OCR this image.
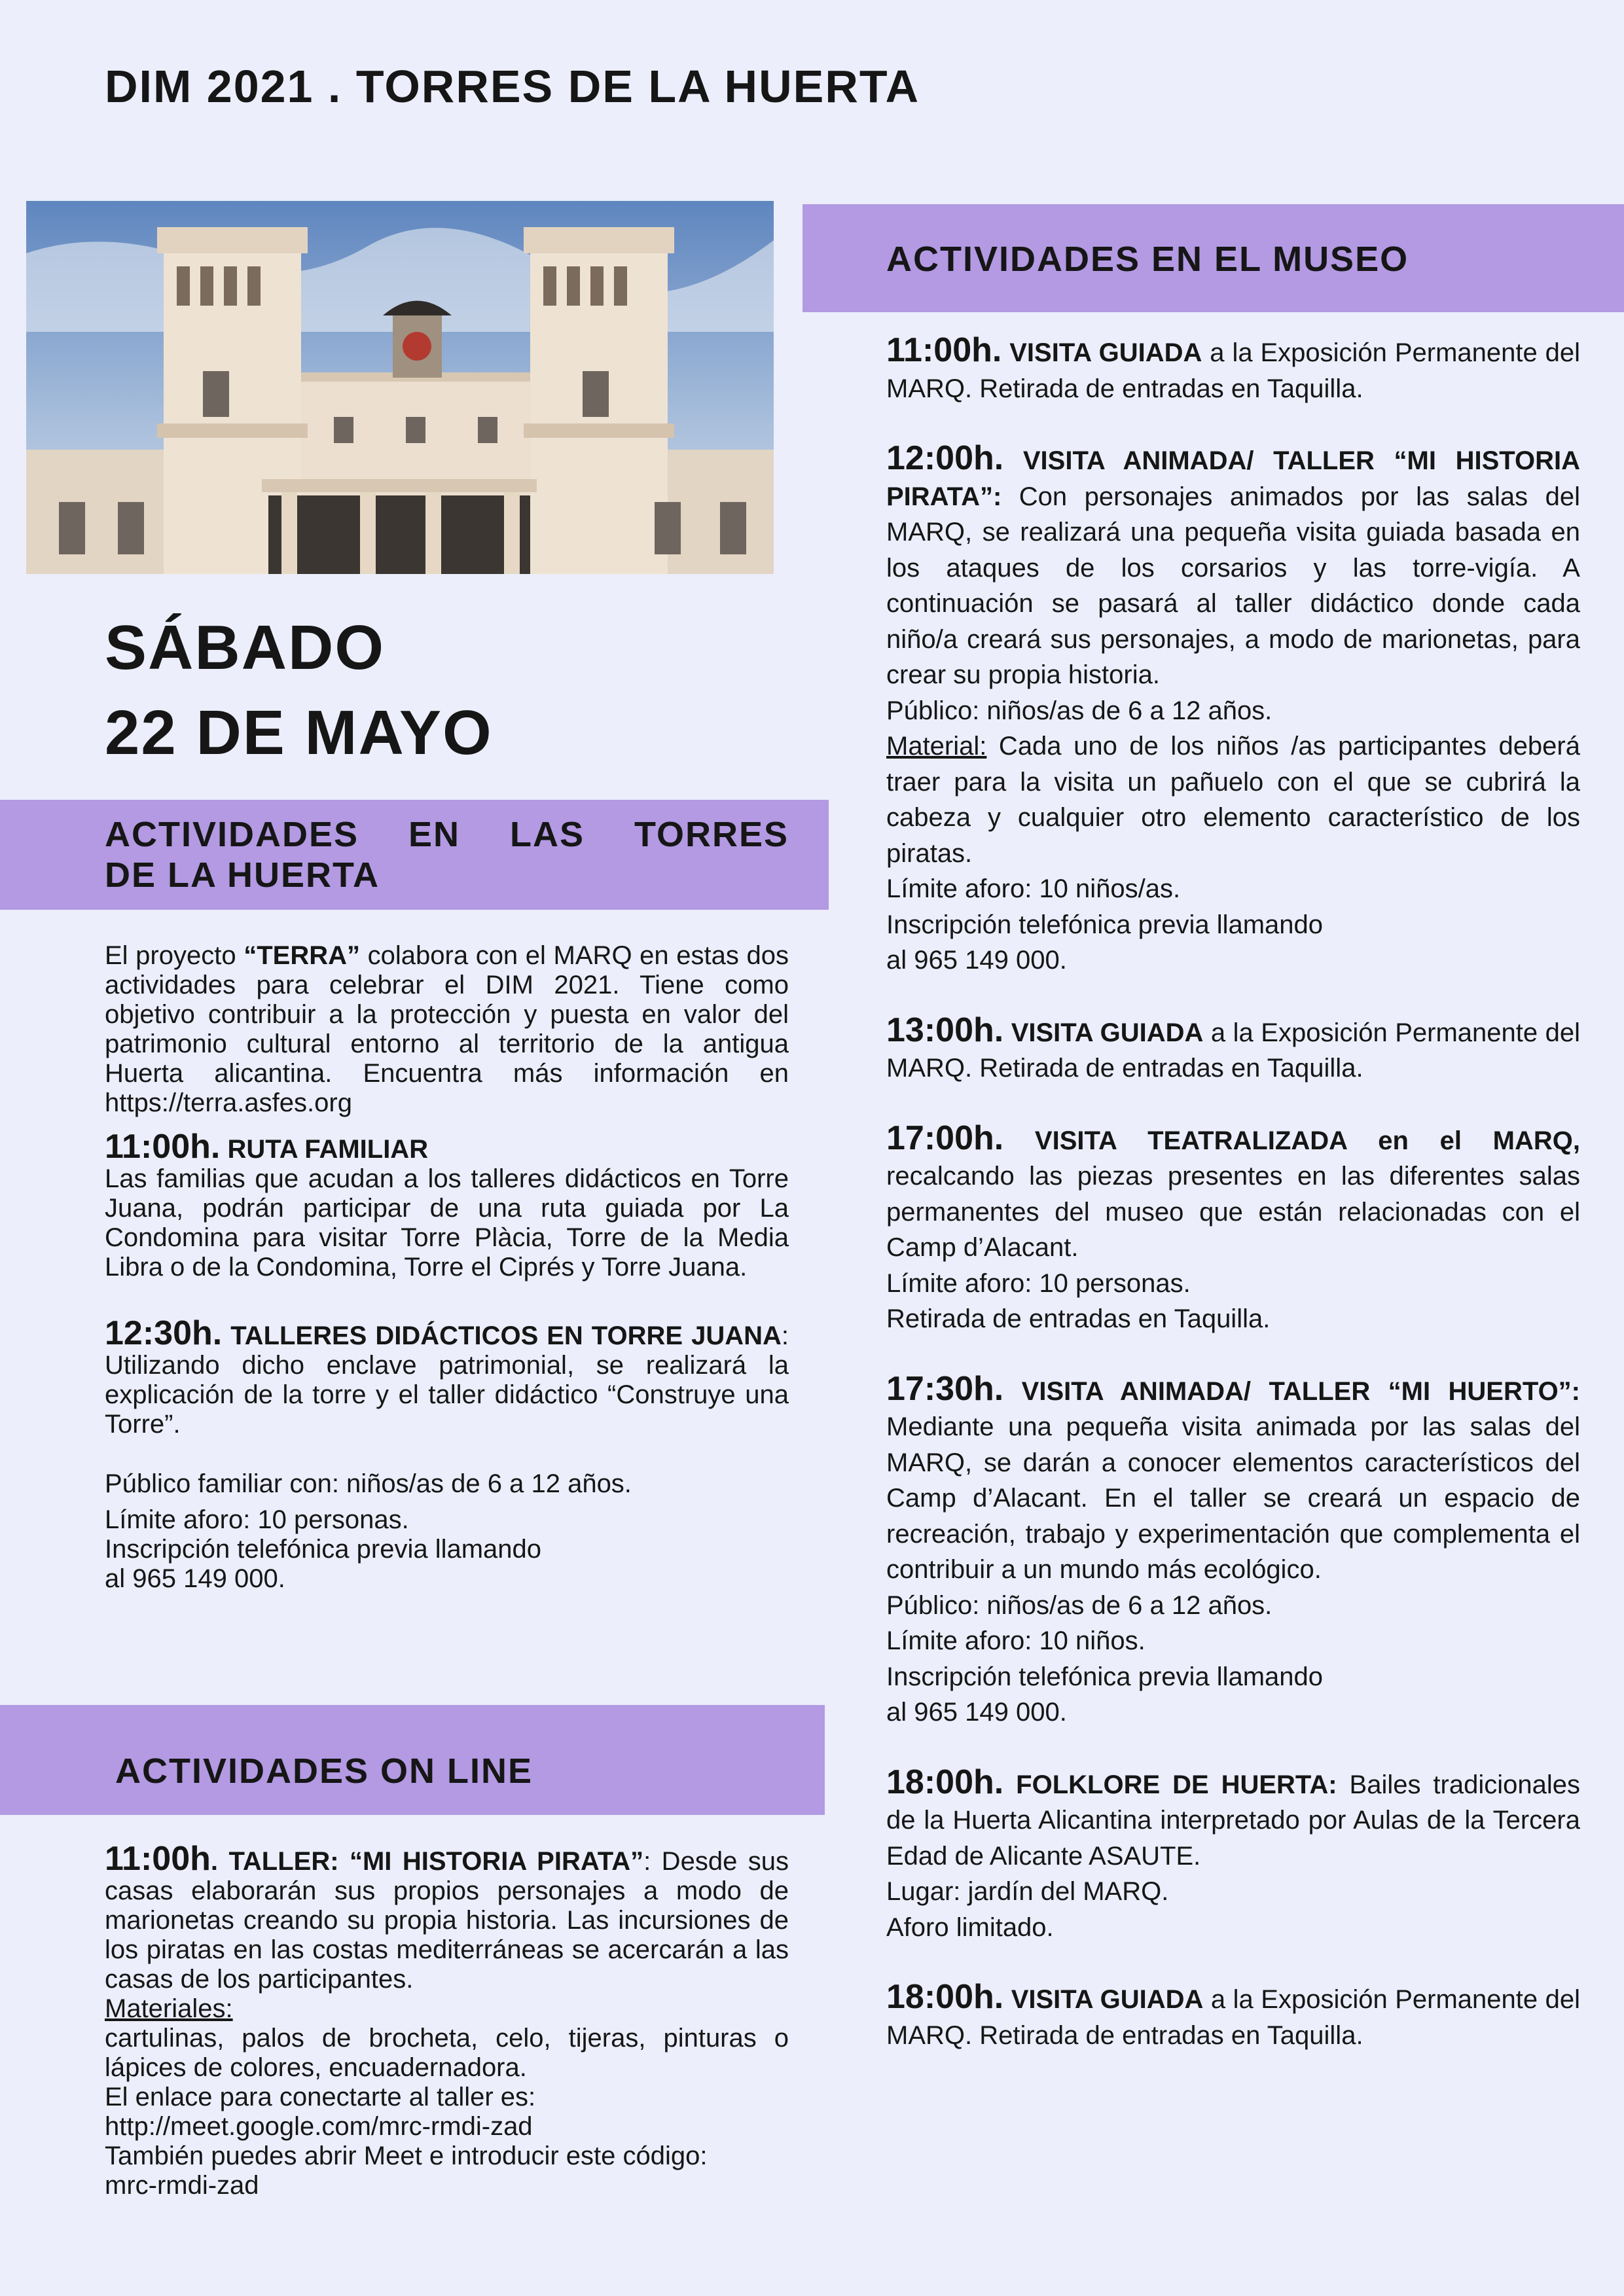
DIM 2021 . TORRES DE LA HUERTA
SÁBADO
22 DE MAYO
ACTIVIDADES EN LAS TORRES
DE LA HUERTA

El proyecto “TERRA” colabora con el MARQ en estas dos actividades para celebrar el DIM 2021. Tiene como objetivo contribuir a la protección y puesta en valor del patrimonio cultural entorno al territorio de la antigua Huerta alicantina. Encuentra más información en https://terra.asfes.org

11:00h. RUTA FAMILIAR
Las familias que acudan a los talleres didácticos en Torre Juana, podrán participar de una ruta guiada por La Condomina para visitar Torre Plàcia, Torre de la Media Libra o de la Condomina, Torre el Ciprés y Torre Juana.

12:30h. TALLERES DIDÁCTICOS EN TORRE JUANA: Utilizando dicho enclave patrimonial, se realizará la explicación de la torre y el taller didáctico “Construye una Torre”.

Público familiar con: niños/as de 6 a 12 años.

Límite aforo: 10 personas.

Inscripción telefónica previa llamando

al 965 149 000.

ACTIVIDADES ON LINE

11:00h. TALLER: “MI HISTORIA PIRATA”: Desde sus casas elaborarán sus propios personajes a modo de marionetas creando su propia historia. Las incursiones de los piratas en las costas mediterráneas se acercarán a las casas de los participantes.

Materiales:

cartulinas, palos de brocheta, celo, tijeras, pinturas o lápices de colores, encuadernadora.

El enlace para conectarte al taller es:

http://meet.google.com/mrc-rmdi-zad

También puedes abrir Meet e introducir este código:

mrc-rmdi-zad

ACTIVIDADES EN EL MUSEO

11:00h. VISITA GUIADA a la Exposición Permanente del MARQ. Retirada de entradas en Taquilla.

12:00h. VISITA ANIMADA/ TALLER “MI HISTORIA PIRATA”: Con personajes animados por las salas del MARQ, se realizará una pequeña visita guiada basada en los ataques de los corsarios y las torre-vigía. A continuación se pasará al taller didáctico donde cada niño/a creará sus personajes, a modo de marionetas, para crear su propia historia.

Público: niños/as de 6 a 12 años.

Material: Cada uno de los niños /as participantes deberá traer para la visita un pañuelo con el que se cubrirá la cabeza y cualquier otro elemento característico de los piratas.

Límite aforo: 10 niños/as.

Inscripción telefónica previa llamando

al 965 149 000.

13:00h. VISITA GUIADA a la Exposición Permanente del MARQ. Retirada de entradas en Taquilla.

17:00h. VISITA TEATRALIZADA en el MARQ, recalcando las piezas presentes en las diferentes salas permanentes del museo que están relacionadas con el Camp d’Alacant.

Límite aforo: 10 personas.

Retirada de entradas en Taquilla.

17:30h. VISITA ANIMADA/ TALLER “MI HUERTO”: Mediante una pequeña visita animada por las salas del MARQ, se darán a conocer elementos característicos del Camp d’Alacant. En el taller se creará un espacio de recreación, trabajo y experimentación que complementa el contribuir a un mundo más ecológico.

Público: niños/as de 6 a 12 años.

Límite aforo: 10 niños.

Inscripción telefónica previa llamando

al 965 149 000.

18:00h. FOLKLORE DE HUERTA: Bailes tradicionales de la Huerta Alicantina interpretado por Aulas de la Tercera Edad de Alicante ASAUTE.

Lugar: jardín del MARQ.

Aforo limitado.

18:00h. VISITA GUIADA a la Exposición Permanente del MARQ. Retirada de entradas en Taquilla.
